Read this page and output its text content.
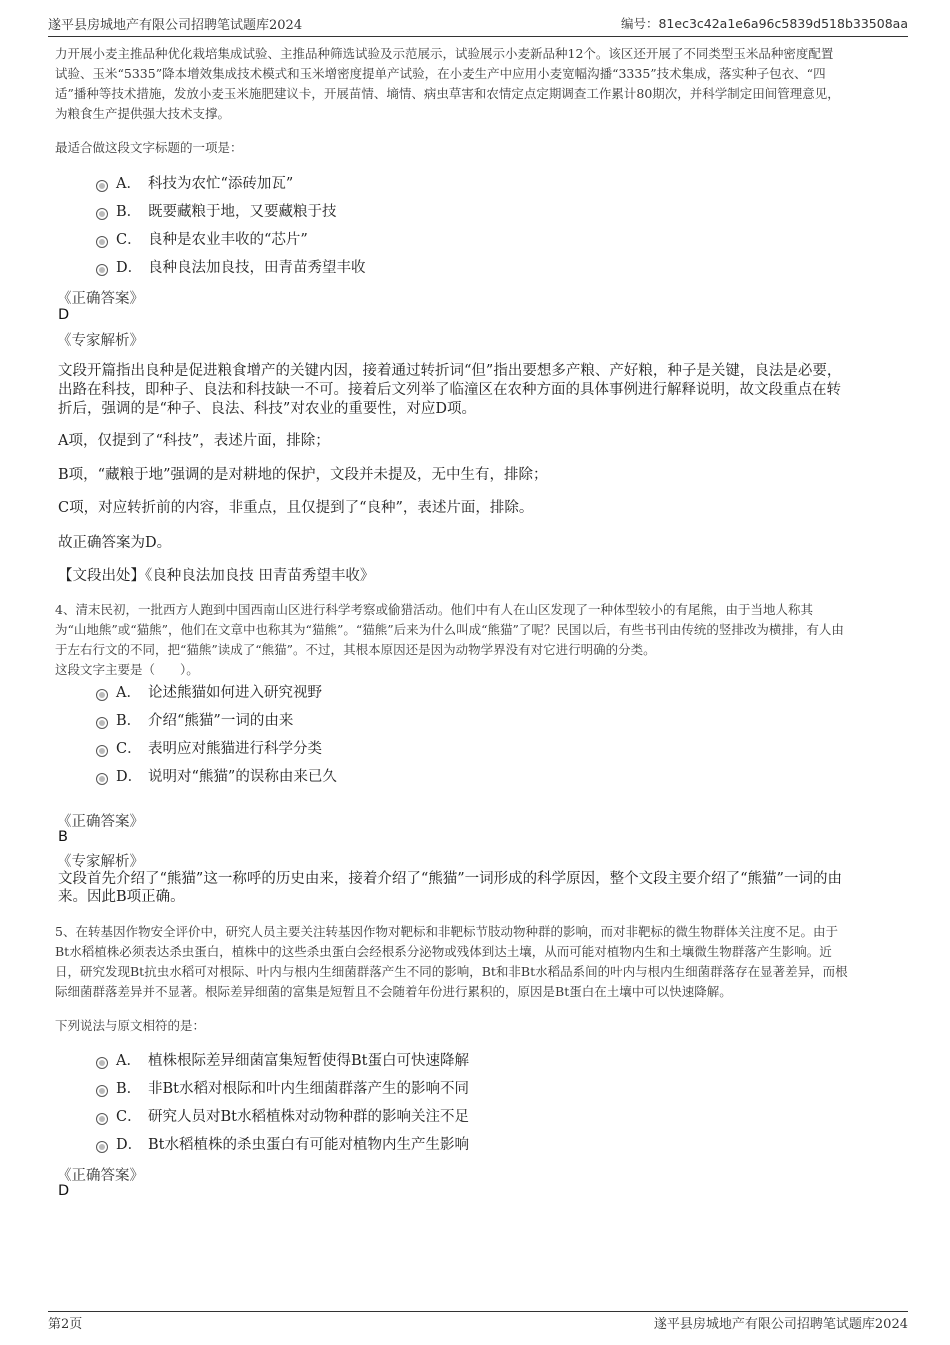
遂平县房城地产有限公司招聘笔试题库2024	编号：81ec3c42a1e6a96c5839d518b33508aa
力开展小麦主推品种优化栽培集成试验、主推品种筛选试验及示范展示，试验展示小麦新品种12个。该区还开展了不同类型玉米品种密度配置
试验、玉米“5335”降本增效集成技术模式和玉米增密度提单产试验，在小麦生产中应用小麦宽幅沟播“3335”技术集成，落实种子包衣、“四
适”播种等技术措施，发放小麦玉米施肥建议卡，开展苗情、墒情、病虫草害和农情定点定期调查工作累计80期次，并科学制定田间管理意见，
为粮食生产提供强大技术支撑。
最适合做这段文字标题的一项是：
A． 科技为农忙“添砖加瓦”
B． 既要藏粮于地，又要藏粮于技
C． 良种是农业丰收的“芯片”
D． 良种良法加良技，田青苗秀望丰收
《正确答案》
D
《专家解析》
文段开篇指出良种是促进粮食增产的关键内因，接着通过转折词“但”指出要想多产粮、产好粮，种子是关键，良法是必要，
出路在科技，即种子、良法和科技缺一不可。接着后文列举了临潼区在农种方面的具体事例进行解释说明，故文段重点在转
折后，强调的是“种子、良法、科技”对农业的重要性，对应D项。
A项，仅提到了“科技”，表述片面，排除；
B项，“藏粮于地”强调的是对耕地的保护，文段并未提及，无中生有，排除；
C项，对应转折前的内容，非重点，且仅提到了“良种”，表述片面，排除。
故正确答案为D。
【文段出处】《良种良法加良技 田青苗秀望丰收》
4、清末民初，一批西方人跑到中国西南山区进行科学考察或偷猎活动。他们中有人在山区发现了一种体型较小的有尾熊，由于当地人称其
为“山地熊”或“猫熊”，他们在文章中也称其为“猫熊”。“猫熊”后来为什么叫成“熊猫”了呢？民国以后，有些书刊由传统的竖排改为横排，有人由
于左右行文的不同，把“猫熊”读成了“熊猫”。不过，其根本原因还是因为动物学界没有对它进行明确的分类。
这段文字主要是（　　）。
A． 论述熊猫如何进入研究视野
B． 介绍“熊猫”一词的由来
C． 表明应对熊猫进行科学分类
D． 说明对“熊猫”的误称由来已久
《正确答案》
B
《专家解析》
文段首先介绍了“熊猫”这一称呼的历史由来，接着介绍了“熊猫”一词形成的科学原因，整个文段主要介绍了“熊猫”一词的由
来。因此B项正确。
5、在转基因作物安全评价中，研究人员主要关注转基因作物对靶标和非靶标节肢动物种群的影响，而对非靶标的微生物群体关注度不足。由于
Bt水稻植株必须表达杀虫蛋白，植株中的这些杀虫蛋白会经根系分泌物或残体到达土壤，从而可能对植物内生和土壤微生物群落产生影响。近
日，研究发现Bt抗虫水稻可对根际、叶内与根内生细菌群落产生不同的影响，Bt和非Bt水稻品系间的叶内与根内生细菌群落存在显著差异，而根
际细菌群落差异并不显著。根际差异细菌的富集是短暂且不会随着年份进行累积的，原因是Bt蛋白在土壤中可以快速降解。
下列说法与原文相符的是：
A． 植株根际差异细菌富集短暂使得Bt蛋白可快速降解
B． 非Bt水稻对根际和叶内生细菌群落产生的影响不同
C． 研究人员对Bt水稻植株对动物种群的影响关注不足
D． Bt水稻植株的杀虫蛋白有可能对植物内生产生影响
《正确答案》
D
第2页	遂平县房城地产有限公司招聘笔试题库2024
